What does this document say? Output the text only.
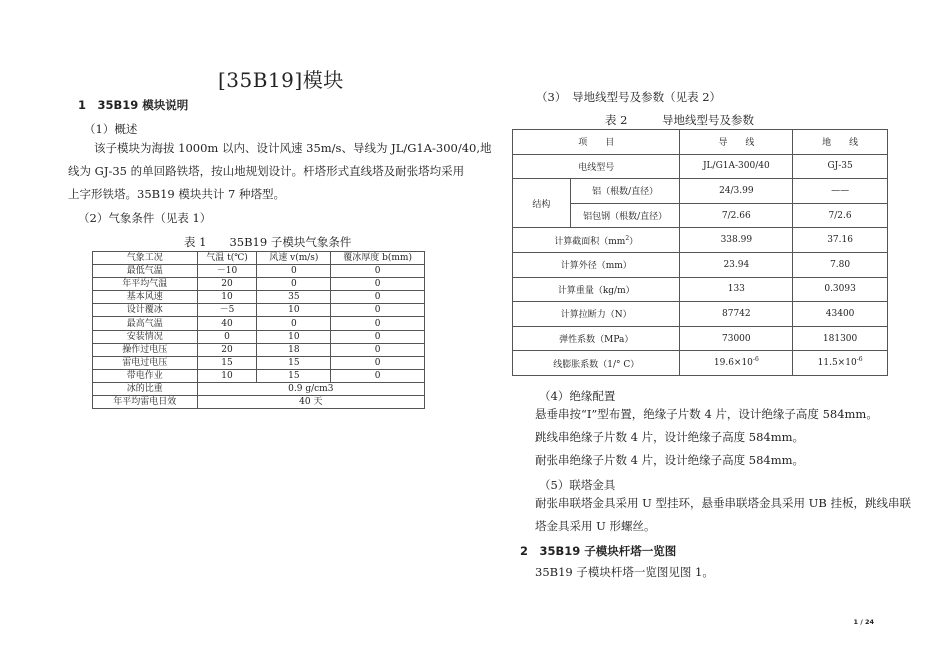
[35B19]模块
1　35B19 模块说明
（1）概述
该子模块为海拔 1000m 以内、设计风速 35m/s、导线为 JL/G1A-300/40,地
线为 GJ-35 的单回路铁塔，按山地规划设计。杆塔形式直线塔及耐张塔均采用
上字形铁塔。35B19 模块共计 7 种塔型。
（2）气象条件（见表 1）
表 1　　35B19 子模块气象条件
气象工况	气温 t(℃)	风速 v(m/s)	覆冰厚度 b(mm)
最低气温	－10	0	0
年平均气温	20	0	0
基本风速	10	35	0
设计覆冰	－5	10	0
最高气温	40	0	0
安装情况	0	10	0
操作过电压	20	18	0
雷电过电压	15	15	0
带电作业	10	15	0
冰的比重	0.9 g/cm3		
年平均雷电日效	40 天		
（3）　导地线型号及参数（见表 2）
表 2　　　导地线型号及参数
项　　目		导　　线	地　　线
电线型号		JL/G1A-300/40	GJ-35
结构	铝（根数/直径）	24/3.99	——
	铝包钢（根数/直径）	7/2.66	7/2.6
计算截面积$(mm^2)$		338.99	37.16
计算外径（mm）		23.94	7.80
计算重量（kg/m）		133	0.3093
计算拉断力（N）		87742	43400
弹性系数（MPa）		73000	181300
线膨胀系数（1/° C）		$19.6\times 10^{-6}$	$11.5\times 10^{-6}$
（4）绝缘配置
悬垂串按“I”型布置，绝缘子片数 4 片，设计绝缘子高度 584mm。
跳线串绝缘子片数 4 片，设计绝缘子高度 584mm。
耐张串绝缘子片数 4 片，设计绝缘子高度 584mm。
（5）联塔金具
耐张串联塔金具采用 U 型挂环，悬垂串联塔金具采用 UB 挂板，跳线串联
塔金具采用 U 形螺丝。
2　35B19 子模块杆塔一览图
35B19 子模块杆塔一览图见图 1。
1 / 24
